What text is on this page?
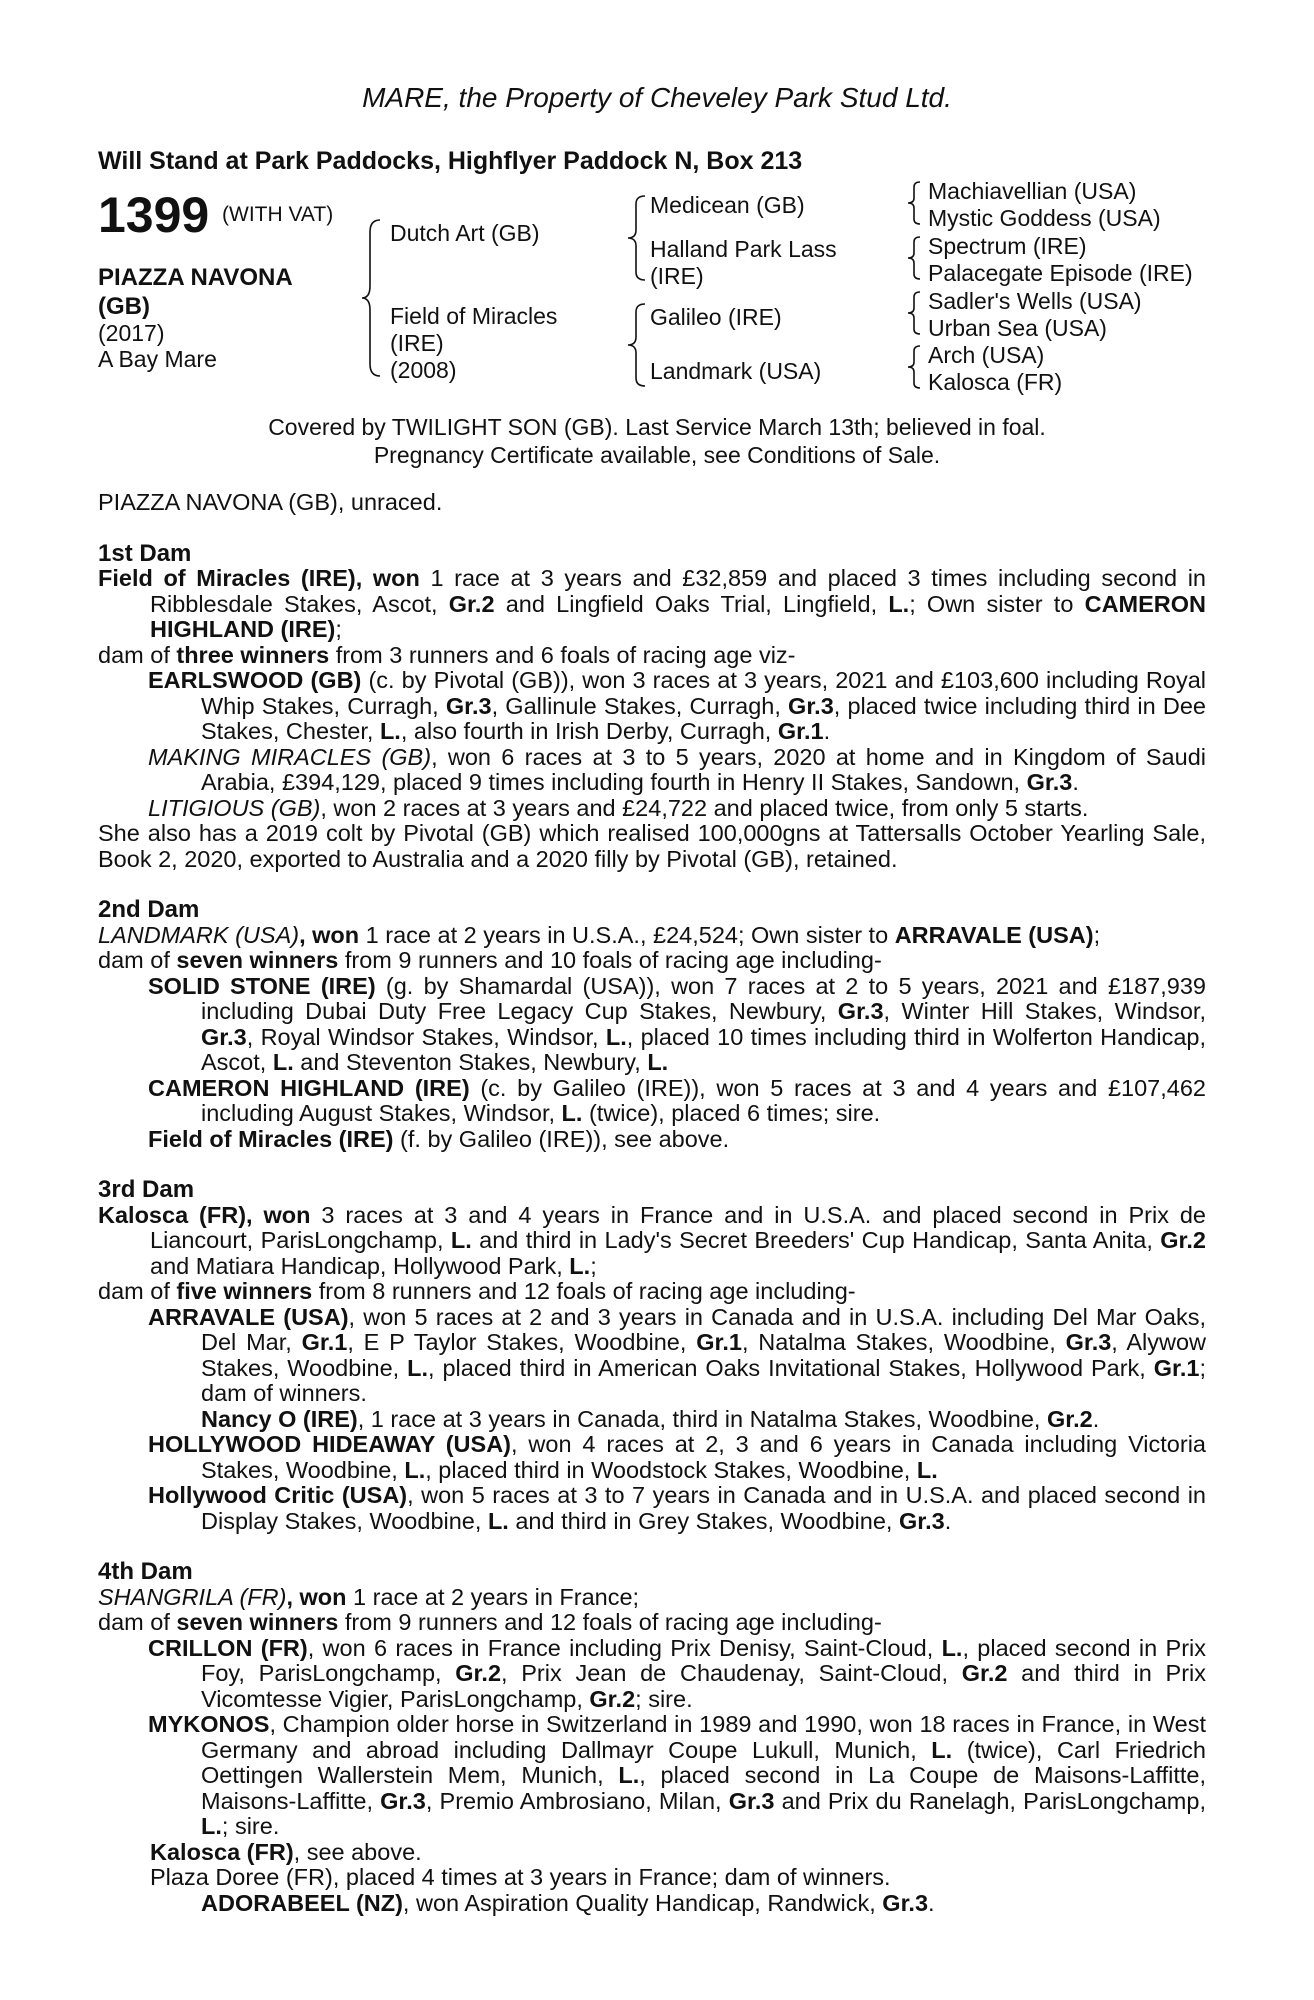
MARE, the Property of Cheveley Park Stud Ltd.
Will Stand at Park Paddocks, Highflyer Paddock N, Box 213
1399 (WITH VAT)
PIAZZA NAVONA (GB)
(2017)
A Bay Mare
Dutch Art (GB)
Field of Miracles
(IRE)
(2008)
Medicean (GB)
Halland Park Lass
(IRE)
Galileo (IRE)
Landmark (USA)
Machiavellian (USA)
Mystic Goddess (USA)
Spectrum (IRE)
Palacegate Episode (IRE)
Sadler's Wells (USA)
Urban Sea (USA)
Arch (USA)
Kalosca (FR)
Covered by TWILIGHT SON (GB). Last Service March 13th; believed in foal.
Pregnancy Certificate available, see Conditions of Sale.

PIAZZA NAVONA (GB), unraced.

1st Dam

Field of Miracles (IRE), won 1 race at 3 years and £32,859 and placed 3 times including second in Ribblesdale Stakes, Ascot, Gr.2 and Lingfield Oaks Trial, Lingfield, L.; Own sister to CAMERON HIGHLAND (IRE);

dam of three winners from 3 runners and 6 foals of racing age viz-

EARLSWOOD (GB) (c. by Pivotal (GB)), won 3 races at 3 years, 2021 and £103,600 including Royal Whip Stakes, Curragh, Gr.3, Gallinule Stakes, Curragh, Gr.3, placed twice including third in Dee Stakes, Chester, L., also fourth in Irish Derby, Curragh, Gr.1.

MAKING MIRACLES (GB), won 6 races at 3 to 5 years, 2020 at home and in Kingdom of Saudi Arabia, £394,129, placed 9 times including fourth in Henry II Stakes, Sandown, Gr.3.

LITIGIOUS (GB), won 2 races at 3 years and £24,722 and placed twice, from only 5 starts.

She also has a 2019 colt by Pivotal (GB) which realised 100,000gns at Tattersalls October Yearling Sale, Book 2, 2020, exported to Australia and a 2020 filly by Pivotal (GB), retained.

2nd Dam

LANDMARK (USA), won 1 race at 2 years in U.S.A., £24,524; Own sister to ARRAVALE (USA);

dam of seven winners from 9 runners and 10 foals of racing age including-

SOLID STONE (IRE) (g. by Shamardal (USA)), won 7 races at 2 to 5 years, 2021 and £187,939 including Dubai Duty Free Legacy Cup Stakes, Newbury, Gr.3, Winter Hill Stakes, Windsor, Gr.3, Royal Windsor Stakes, Windsor, L., placed 10 times including third in Wolferton Handicap, Ascot, L. and Steventon Stakes, Newbury, L.

CAMERON HIGHLAND (IRE) (c. by Galileo (IRE)), won 5 races at 3 and 4 years and £107,462 including August Stakes, Windsor, L. (twice), placed 6 times; sire.

Field of Miracles (IRE) (f. by Galileo (IRE)), see above.

3rd Dam

Kalosca (FR), won 3 races at 3 and 4 years in France and in U.S.A. and placed second in Prix de Liancourt, ParisLongchamp, L. and third in Lady's Secret Breeders' Cup Handicap, Santa Anita, Gr.2 and Matiara Handicap, Hollywood Park, L.;

dam of five winners from 8 runners and 12 foals of racing age including-

ARRAVALE (USA), won 5 races at 2 and 3 years in Canada and in U.S.A. including Del Mar Oaks, Del Mar, Gr.1, E P Taylor Stakes, Woodbine, Gr.1, Natalma Stakes, Woodbine, Gr.3, Alywow Stakes, Woodbine, L., placed third in American Oaks Invitational Stakes, Hollywood Park, Gr.1; dam of winners.

Nancy O (IRE), 1 race at 3 years in Canada, third in Natalma Stakes, Woodbine, Gr.2.

HOLLYWOOD HIDEAWAY (USA), won 4 races at 2, 3 and 6 years in Canada including Victoria Stakes, Woodbine, L., placed third in Woodstock Stakes, Woodbine, L.

Hollywood Critic (USA), won 5 races at 3 to 7 years in Canada and in U.S.A. and placed second in Display Stakes, Woodbine, L. and third in Grey Stakes, Woodbine, Gr.3.

4th Dam

SHANGRILA (FR), won 1 race at 2 years in France;

dam of seven winners from 9 runners and 12 foals of racing age including-

CRILLON (FR), won 6 races in France including Prix Denisy, Saint-Cloud, L., placed second in Prix Foy, ParisLongchamp, Gr.2, Prix Jean de Chaudenay, Saint-Cloud, Gr.2 and third in Prix Vicomtesse Vigier, ParisLongchamp, Gr.2; sire.

MYKONOS, Champion older horse in Switzerland in 1989 and 1990, won 18 races in France, in West Germany and abroad including Dallmayr Coupe Lukull, Munich, L. (twice), Carl Friedrich Oettingen Wallerstein Mem, Munich, L., placed second in La Coupe de Maisons-Laffitte, Maisons-Laffitte, Gr.3, Premio Ambrosiano, Milan, Gr.3 and Prix du Ranelagh, ParisLongchamp, L.; sire.

Kalosca (FR), see above.

Plaza Doree (FR), placed 4 times at 3 years in France; dam of winners.

ADORABEEL (NZ), won Aspiration Quality Handicap, Randwick, Gr.3.
